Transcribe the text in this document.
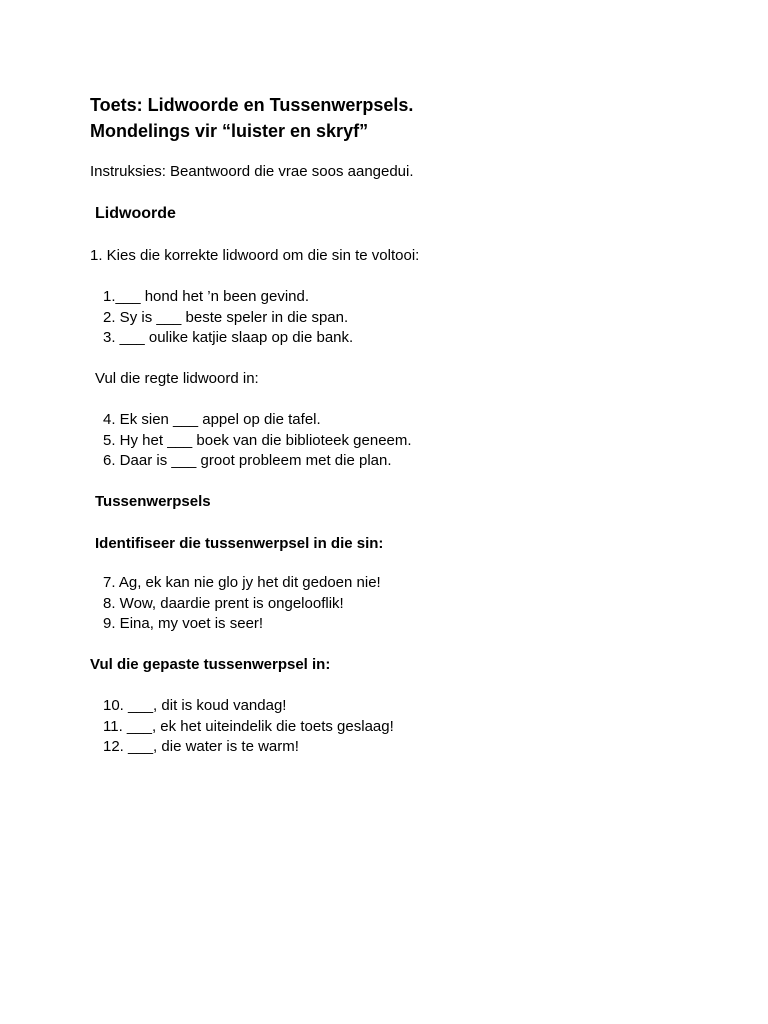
Toets: Lidwoorde en Tussenwerpsels.
Mondelings vir “luister en skryf”
Instruksies: Beantwoord die vrae soos aangedui.
Lidwoorde
1. Kies die korrekte lidwoord om die sin te voltooi:
1.___ hond het ’n been gevind.
2. Sy is ___ beste speler in die span.
3. ___ oulike katjie slaap op die bank.
Vul die regte lidwoord in:
4. Ek sien ___ appel op die tafel.
5. Hy het ___ boek van die biblioteek geneem.
6. Daar is ___ groot probleem met die plan.
Tussenwerpsels
Identifiseer die tussenwerpsel in die sin:
7. Ag, ek kan nie glo jy het dit gedoen nie!
8. Wow, daardie prent is ongelooflik!
9. Eina, my voet is seer!
Vul die gepaste tussenwerpsel in:
10. ___, dit is koud vandag!
11. ___, ek het uiteindelik die toets geslaag!
12. ___, die water is te warm!
